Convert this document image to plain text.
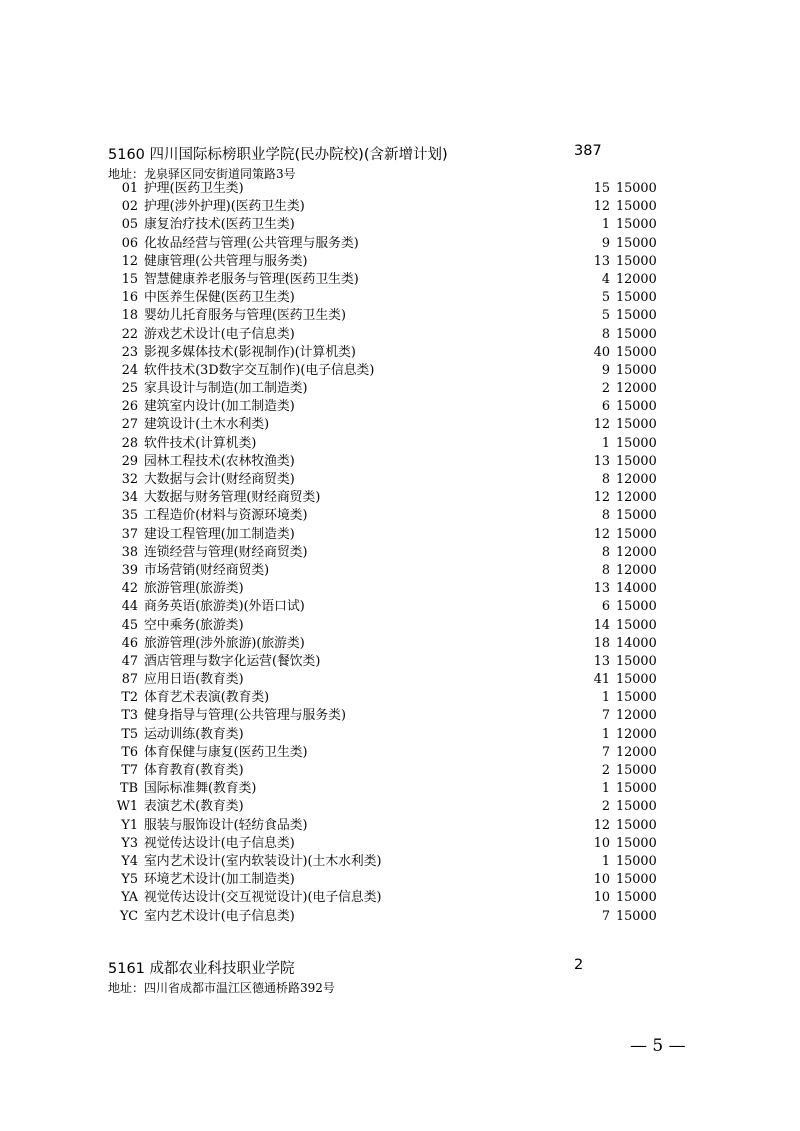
5160 四川国际标榜职业学院(民办院校)(含新增计划)	387
地址：龙泉驿区同安街道同策路3号
01 护理(医药卫生类)	15 15000
02 护理(涉外护理)(医药卫生类)	12 15000
05 康复治疗技术(医药卫生类)	1 15000
06 化妆品经营与管理(公共管理与服务类)	9 15000
12 健康管理(公共管理与服务类)	13 15000
15 智慧健康养老服务与管理(医药卫生类)	4 12000
16 中医养生保健(医药卫生类)	5 15000
18 婴幼儿托育服务与管理(医药卫生类)	5 15000
22 游戏艺术设计(电子信息类)	8 15000
23 影视多媒体技术(影视制作)(计算机类)	40 15000
24 软件技术(3D数字交互制作)(电子信息类)	9 15000
25 家具设计与制造(加工制造类)	2 12000
26 建筑室内设计(加工制造类)	6 15000
27 建筑设计(土木水利类)	12 15000
28 软件技术(计算机类)	1 15000
29 园林工程技术(农林牧渔类)	13 15000
32 大数据与会计(财经商贸类)	8 12000
34 大数据与财务管理(财经商贸类)	12 12000
35 工程造价(材料与资源环境类)	8 15000
37 建设工程管理(加工制造类)	12 15000
38 连锁经营与管理(财经商贸类)	8 12000
39 市场营销(财经商贸类)	8 12000
42 旅游管理(旅游类)	13 14000
44 商务英语(旅游类)(外语口试)	6 15000
45 空中乘务(旅游类)	14 15000
46 旅游管理(涉外旅游)(旅游类)	18 14000
47 酒店管理与数字化运营(餐饮类)	13 15000
87 应用日语(教育类)	41 15000
T2 体育艺术表演(教育类)	1 15000
T3 健身指导与管理(公共管理与服务类)	7 12000
T5 运动训练(教育类)	1 12000
T6 体育保健与康复(医药卫生类)	7 12000
T7 体育教育(教育类)	2 15000
TB 国际标准舞(教育类)	1 15000
W1 表演艺术(教育类)	2 15000
Y1 服装与服饰设计(轻纺食品类)	12 15000
Y3 视觉传达设计(电子信息类)	10 15000
Y4 室内艺术设计(室内软装设计)(土木水利类)	1 15000
Y5 环境艺术设计(加工制造类)	10 15000
YA 视觉传达设计(交互视觉设计)(电子信息类)	10 15000
YC 室内艺术设计(电子信息类)	7 15000
5161 成都农业科技职业学院	2
地址：四川省成都市温江区德通桥路392号
— 5 —
